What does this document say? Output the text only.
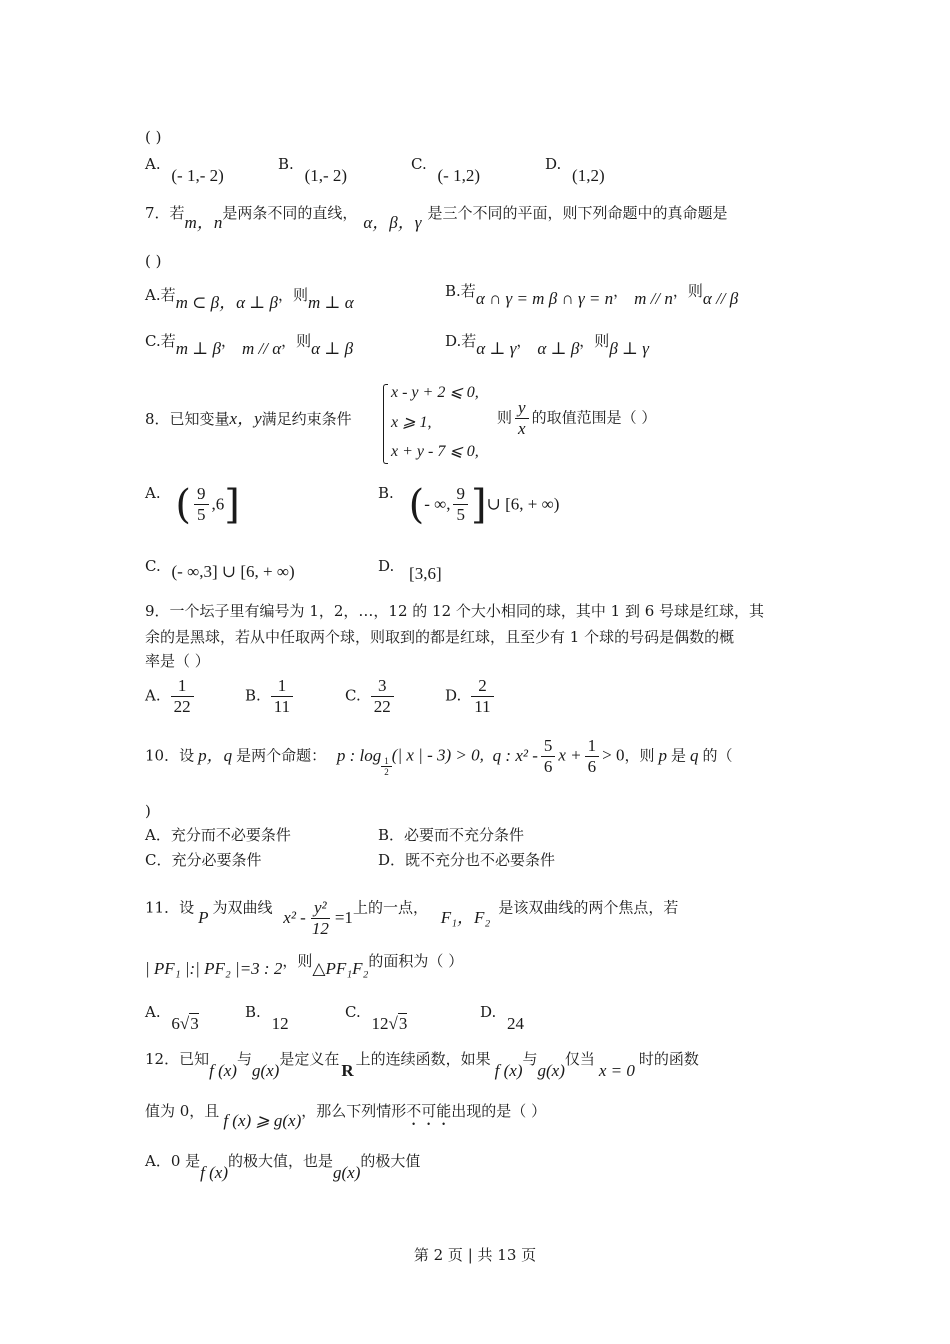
( )
A. (- 1,- 2)
B. (1,- 2)
C. (- 1,2)
D. (1,2)
7．若m，n是两条不同的直线， α，β，γ 是三个不同的平面，则下列命题中的真命题是
( )
A.若m ⊂ β，α ⊥ β，则m ⊥ α
B.若α ∩ γ = m β ∩ γ = n， m // n，则α // β
C.若m ⊥ β， m // α，则α ⊥ β	D.若α ⊥ γ， α ⊥ β，则β ⊥ γ
8．已知变量x，y满足约束条件
x - y + 2 ⩽ 0,
x ⩾ 1,
x + y - 7 ⩽ 0,
则 $\frac{y}{x}$ 的取值范围是（ ）
A. ( $\frac{9}{5} ,6$]	B. (- ∞, $\frac{9}{5}$ ]∪ [6, + ∞)
C. (- ∞,3] ∪ [6, + ∞)	D. [3,6]
9．一个坛子里有编号为 1，2，…，12 的 12 个大小相同的球，其中 1 到 6 号球是红球，其
余的是黑球，若从中任取两个球，则取到的都是红球，且至少有 1 个球的号码是偶数的概
率是（ ）
A. $\frac{1}{22}$	B. $\frac{1}{11}$	C. $\frac{3}{22}$	D. $\frac{2}{11}$
10．设 p，q 是两个命题： p : log
$\frac{1}{2}$
(| x | - 3) > 0, q : $x^2 - \frac{5}{6}$ $x + \frac{1}{6} > 0$，则 p 是 q 的（
)
A．充分而不必要条件	B．必要而不充分条件
C．充分必要条件	D．既不充分也不必要条件
11．设 P 为双曲线 $x^2 - \frac{\text{y²}}{12} =1$上的一点， F₁，F₂ 是该双曲线的两个焦点，若
| PF₁ |:| PF₂ |=3 : 2，则△PF₁F₂的面积为（ ）
A. 6√3
B. 12
C. 12√3
D. 24
12．已知f (x)与g(x)是定义在R上的连续函数，如果f (x)与g(x)仅当x = 0时的函数
值为 0，且 f (x) ⩾ g(x)，那么下列情形不可能出现的是（ ）
A．0 是f (x)的极大值，也是g(x)的极大值
第 2 页 | 共 13 页
